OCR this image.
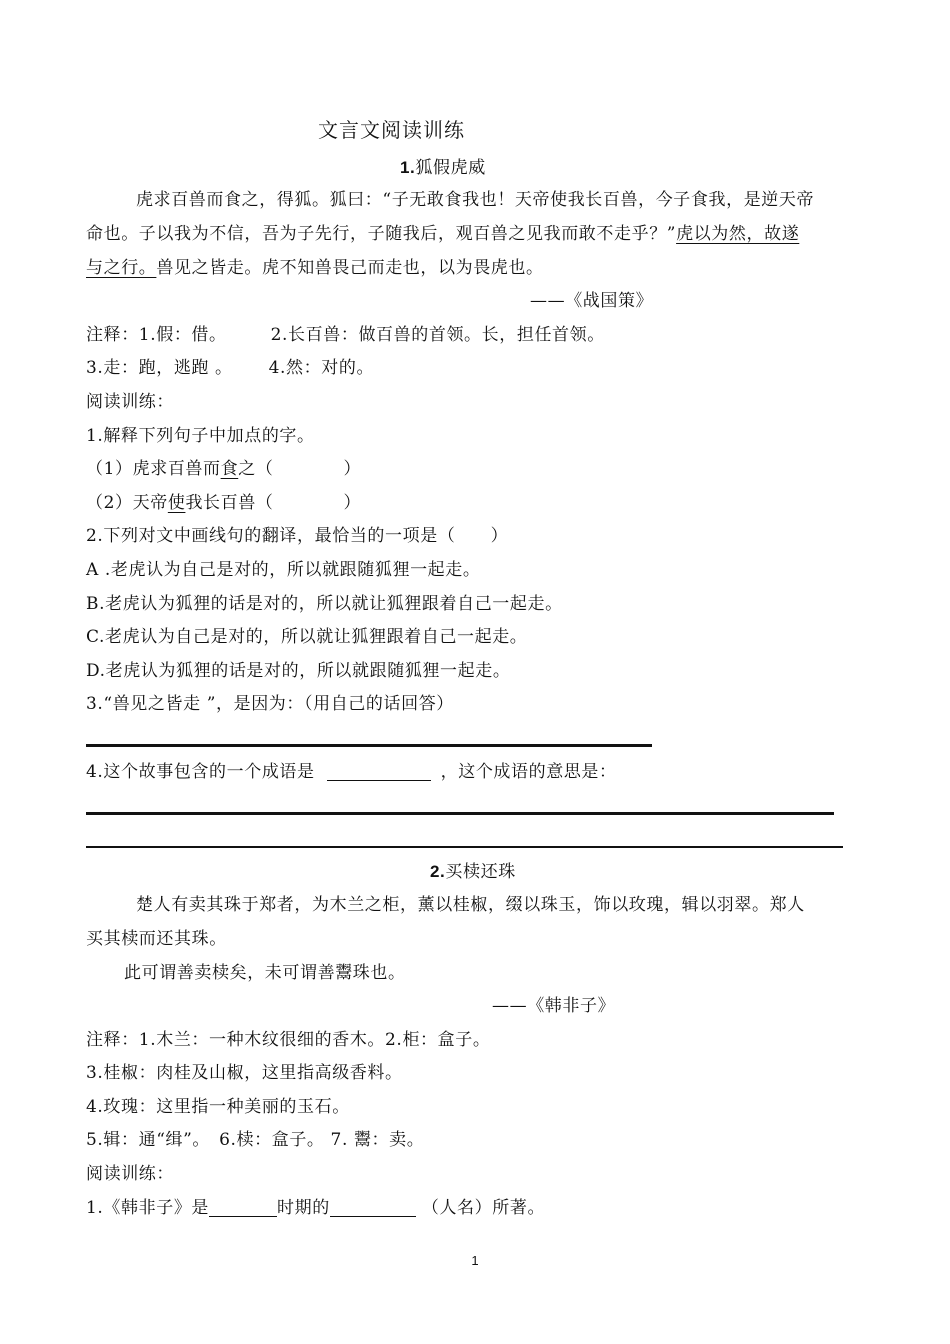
文言文阅读训练
1.狐假虎威
虎求百兽而食之，得狐。狐曰：“子无敢食我也！天帝使我长百兽，今子食我，是逆天帝
命也。子以我为不信，吾为子先行，子随我后，观百兽之见我而敢不走乎？”虎以为然，故遂
与之行。兽见之皆走。虎不知兽畏己而走也，以为畏虎也。
——《战国策》
注释：1.假：借。	2.长百兽：做百兽的首领。长，担任首领。
3.走：跑，逃跑 。 4.然：对的。
阅读训练：
1.解释下列句子中加点的字。
（1）虎求百兽而食之（	）
（2）天帝使我长百兽（	）
2.下列对文中画线句的翻译，最恰当的一项是（　　）
A .老虎认为自己是对的，所以就跟随狐狸一起走。
B.老虎认为狐狸的话是对的，所以就让狐狸跟着自己一起走。
C.老虎认为自己是对的，所以就让狐狸跟着自己一起走。
D.老虎认为狐狸的话是对的，所以就跟随狐狸一起走。
3.“兽见之皆走 ”，是因为：（用自己的话回答）
4.这个故事包含的一个成语是	，这个成语的意思是：
2.买椟还珠
楚人有卖其珠于郑者，为木兰之柜，薰以桂椒，缀以珠玉，饰以玫瑰，辑以羽翠。郑人
买其椟而还其珠。
此可谓善卖椟矣，未可谓善鬻珠也。
——《韩非子》
注释：1.木兰：一种木纹很细的香木。2.柜：盒子。
3.桂椒：肉桂及山椒，这里指高级香料。
4.玫瑰：这里指一种美丽的玉石。
5.辑：通“缉”。　6.椟：盒子。 7. 鬻：卖。
阅读训练：
1.《韩非子》是	时期的	（人名）所著。
1
